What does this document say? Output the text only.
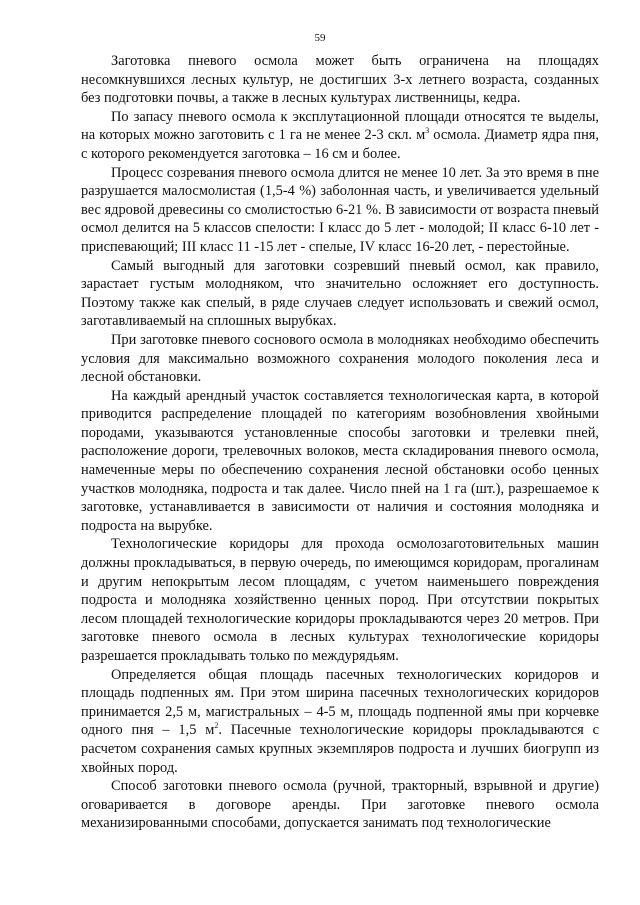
59

Заготовка пневого осмола может быть ограничена на площадях несомкнувшихся лесных культур, не достигших 3-х летнего возраста, созданных без подготовки почвы, а также в лесных культурах лиственницы, кедра.

По запасу пневого осмола к эксплутационной площади относятся те выделы, на которых можно заготовить с 1 га не менее 2-3 скл. $м^3$ осмола. Диаметр ядра пня, с которого рекомендуется заготовка – 16 см и более.

Процесс созревания пневого осмола длится не менее 10 лет. За это время в пне разрушается малосмолистая (1,5-4 %) заболонная часть, и увеличивается удельный вес ядровой древесины со смолистостью 6-21 %. В зависимости от возраста пневый осмол делится на 5 классов спелости: I класс до 5 лет - молодой; II класс 6-10 лет - приспевающий; III класс 11 -15 лет - спелые, IV класс 16-20 лет, - перестойные.

Самый выгодный для заготовки созревший пневый осмол, как правило, зарастает густым молодняком, что значительно осложняет его доступность. Поэтому также как спелый, в ряде случаев следует использовать и свежий осмол, заготавливаемый на сплошных вырубках.

При заготовке пневого соснового осмола в молодняках необходимо обеспечить условия для максимально возможного сохранения молодого поколения леса и лесной обстановки.

На каждый арендный участок составляется технологическая карта, в которой приводится распределение площадей по категориям возобновления хвойными породами, указываются установленные способы заготовки и трелевки пней, расположение дороги, трелевочных волоков, места складирования пневого осмола, намеченные меры по обеспечению сохранения лесной обстановки особо ценных участков молодняка, подроста и так далее. Число пней на 1 га (шт.), разрешаемое к заготовке, устанавливается в зависимости от наличия и состояния молодняка и подроста на вырубке.

Технологические коридоры для прохода осмолозаготовительных машин должны прокладываться, в первую очередь, по имеющимся коридорам, прогалинам и другим непокрытым лесом площадям, с учетом наименьшего повреждения подроста и молодняка хозяйственно ценных пород. При отсутствии покрытых лесом площадей технологические коридоры прокладываются через 20 метров. При заготовке пневого осмола в лесных культурах технологические коридоры разрешается прокладывать только по междурядьям.

Определяется общая площадь пасечных технологических коридоров и площадь подпенных ям. При этом ширина пасечных технологических коридоров принимается 2,5 м, магистральных – 4-5 м, площадь подпенной ямы при корчевке одного пня – 1,5 $м^2$. Пасечные технологические коридоры прокладываются с расчетом сохранения самых крупных экземпляров подроста и лучших биогрупп из хвойных пород.

Способ заготовки пневого осмола (ручной, тракторный, взрывной и другие) оговаривается в договоре аренды. При заготовке пневого осмола механизированными способами, допускается занимать под технологические
